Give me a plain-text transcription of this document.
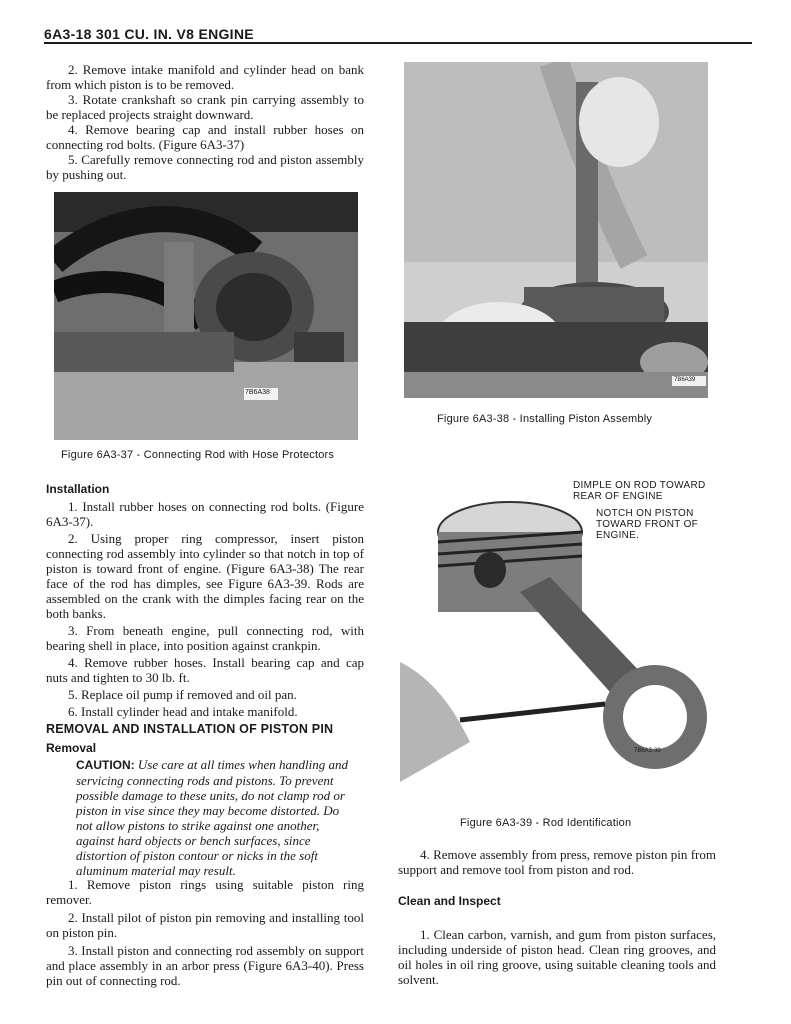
6A3-18 301 CU. IN. V8 ENGINE

2. Remove intake manifold and cylinder head on bank from which piston is to be removed.

3. Rotate crankshaft so crank pin carrying assembly to be replaced projects straight downward.

4. Remove bearing cap and install rubber hoses on connecting rod bolts. (Figure 6A3-37)

5. Carefully remove connecting rod and piston assembly by pushing out.

7B6A38
Figure 6A3-37 - Connecting Rod with Hose Protectors
Installation

1. Install rubber hoses on connecting rod bolts. (Figure 6A3-37).

2. Using proper ring compressor, insert piston connecting rod assembly into cylinder so that notch in top of piston is toward front of engine. (Figure 6A3-38) The rear face of the rod has dimples, see Figure 6A3-39. Rods are assembled on the crank with the dimples facing rear on the both banks.

3. From beneath engine, pull connecting rod, with bearing shell in place, into position against crankpin.

4. Remove rubber hoses. Install bearing cap and cap nuts and tighten to 30 lb. ft.

5. Replace oil pump if removed and oil pan.

6. Install cylinder head and intake manifold.

REMOVAL AND INSTALLATION OF PISTON PIN
Removal
CAUTION: Use care at all times when handling and servicing connecting rods and pistons. To prevent possible damage to these units, do not clamp rod or piston in vise since they may become distorted. Do not allow pistons to strike against one another, against hard objects or bench surfaces, since distortion of piston contour or nicks in the soft aluminum material may result.

1. Remove piston rings using suitable piston ring remover.

2. Install pilot of piston pin removing and installing tool on piston pin.

3. Install piston and connecting rod assembly on support and place assembly in an arbor press (Figure 6A3-40). Press pin out of connecting rod.

7B6A39
Figure 6A3-38 - Installing Piston Assembly
7B6A3-39
DIMPLE ON ROD TOWARD
REAR OF ENGINE
NOTCH ON PISTON
TOWARD FRONT OF
ENGINE.
Figure 6A3-39 - Rod Identification

4. Remove assembly from press, remove piston pin from support and remove tool from piston and rod.

Clean and Inspect

1. Clean carbon, varnish, and gum from piston surfaces, including underside of piston head. Clean ring grooves, and oil holes in oil ring groove, using suitable cleaning tools and solvent.
